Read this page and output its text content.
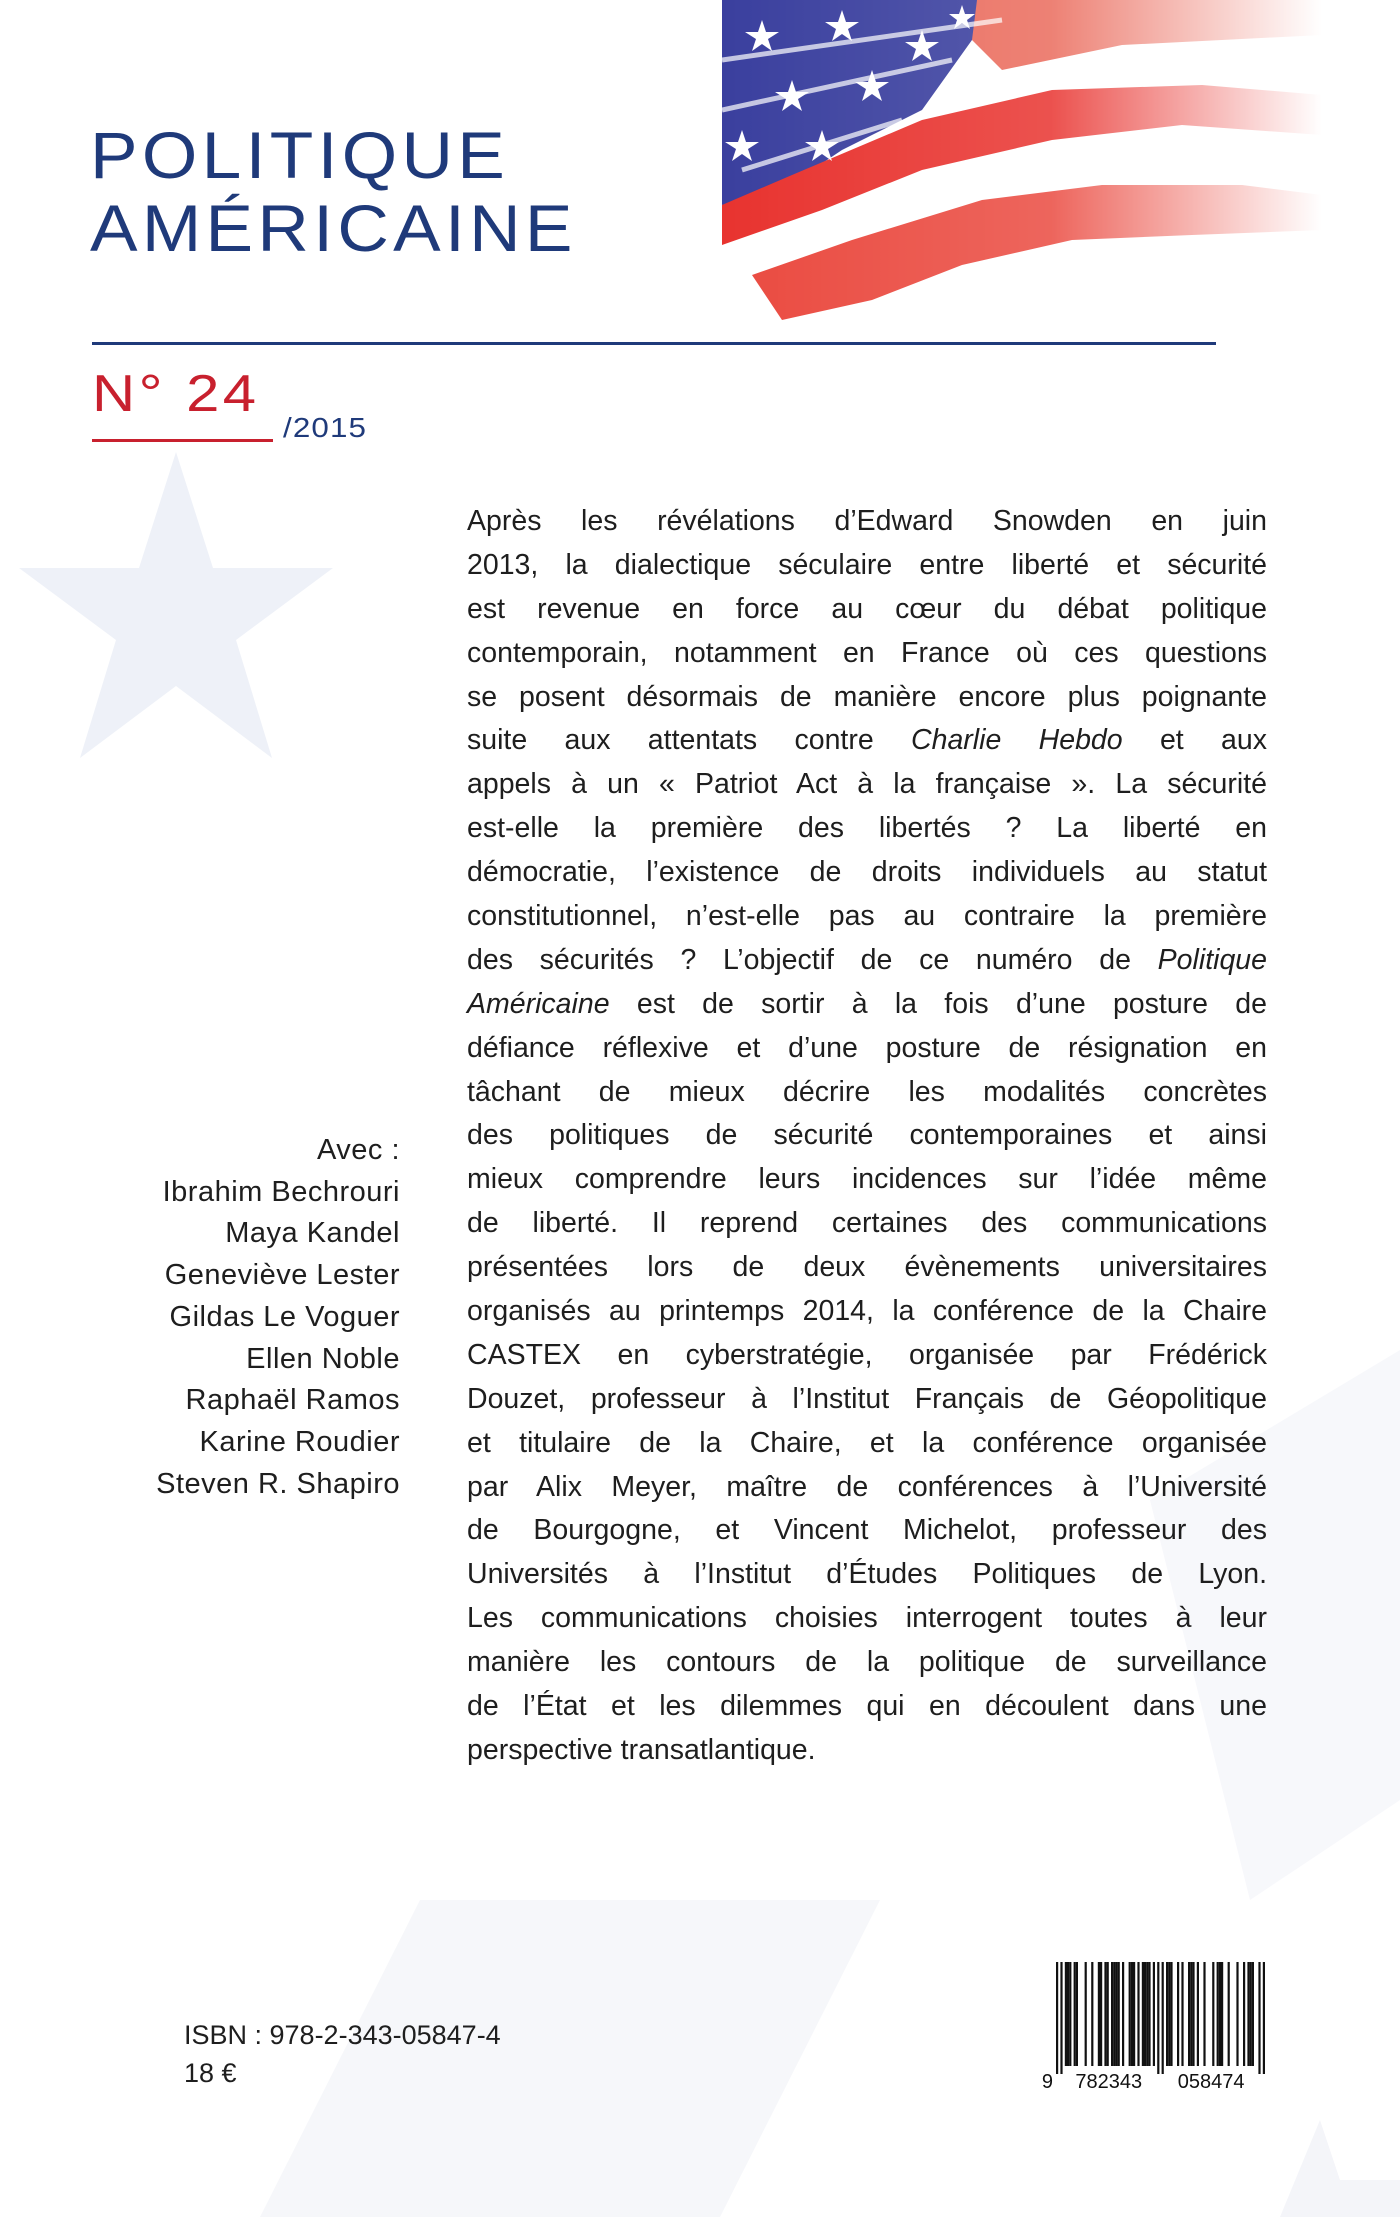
POLITIQUE
AMÉRICAINE
N° 24
/2015
Après les révélations d’Edward Snowden en juin
2013, la dialectique séculaire entre liberté et sécurité
est revenue en force au cœur du débat politique
contemporain, notamment en France où ces questions
se posent désormais de manière encore plus poignante
suite aux attentats contre Charlie Hebdo et aux
appels à un « Patriot Act à la française ». La sécurité
est-elle la première des libertés ? La liberté en
démocratie, l’existence de droits individuels au statut
constitutionnel, n’est-elle pas au contraire la première
des sécurités ? L’objectif de ce numéro de Politique
Américaine est de sortir à la fois d’une posture de
défiance réflexive et d’une posture de résignation en
tâchant de mieux décrire les modalités concrètes
des politiques de sécurité contemporaines et ainsi
mieux comprendre leurs incidences sur l’idée même
de liberté. Il reprend certaines des communications
présentées lors de deux évènements universitaires
organisés au printemps 2014, la conférence de la Chaire
CASTEX en cyberstratégie, organisée par Frédérick
Douzet, professeur à l’Institut Français de Géopolitique
et titulaire de la Chaire, et la conférence organisée
par Alix Meyer, maître de conférences à l’Université
de Bourgogne, et Vincent Michelot, professeur des
Universités à l’Institut d’Études Politiques de Lyon.
Les communications choisies interrogent toutes à leur
manière les contours de la politique de surveillance
de l’État et les dilemmes qui en découlent dans une
perspective transatlantique.
Avec :
Ibrahim Bechrouri
Maya Kandel
Geneviève Lester
Gildas Le Voguer
Ellen Noble
Raphaël Ramos
Karine Roudier
Steven R. Shapiro
ISBN : 978-2-343-05847-4
18 €	9 782343 058474
